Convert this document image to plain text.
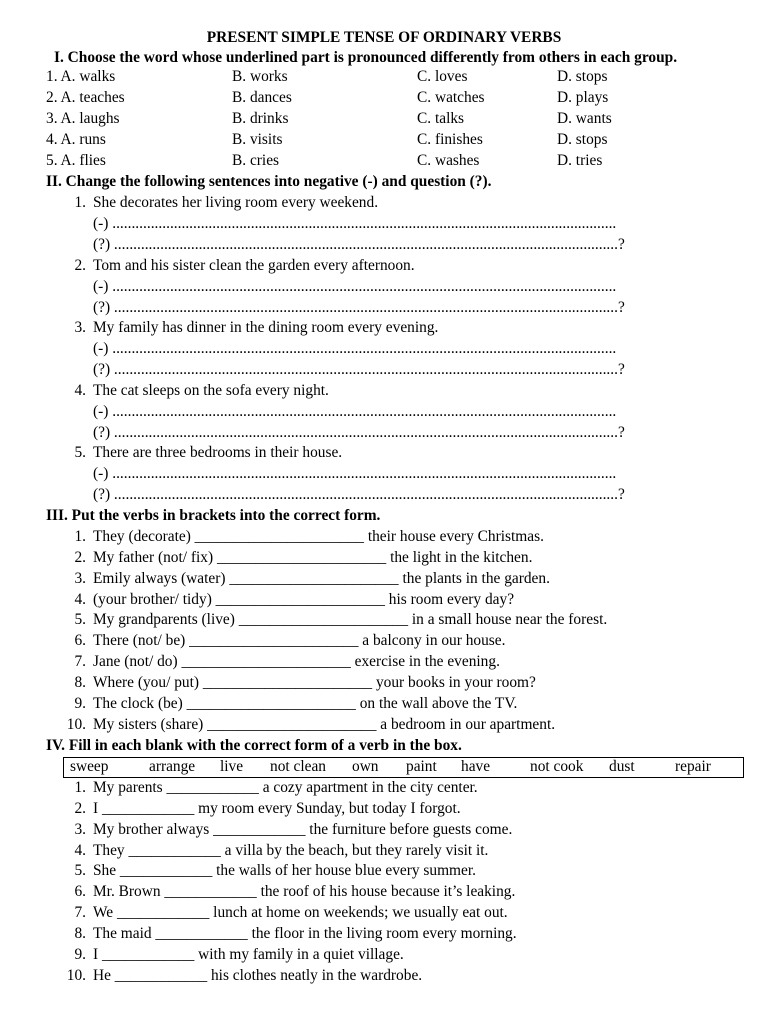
PRESENT SIMPLE TENSE OF ORDINARY VERBS
I. Choose the word whose underlined part is pronounced differently from others in each group.
1. A. walks	B. works	C. loves	D. stops
2. A. teaches	B. dances	C. watches	D. plays
3. A. laughs	B. drinks	C. talks	D. wants
4. A. runs	B. visits	C. finishes	D. stops
5. A. flies	B. cries	C. washes	D. tries
II. Change the following sentences into negative (-) and question (?).
1. She decorates her living room every weekend.
(-) ...................................................................................................................................
(?) ...................................................................................................................................?
2. Tom and his sister clean the garden every afternoon.
(-) ...................................................................................................................................
(?) ...................................................................................................................................?
3. My family has dinner in the dining room every evening.
(-) ...................................................................................................................................
(?) ...................................................................................................................................?
4. The cat sleeps on the sofa every night.
(-) ...................................................................................................................................
(?) ...................................................................................................................................?
5. There are three bedrooms in their house.
(-) ...................................................................................................................................
(?) ...................................................................................................................................?
III. Put the verbs in brackets into the correct form.
1. They (decorate) ______________________ their house every Christmas.
2. My father (not/ fix) ______________________ the light in the kitchen.
3. Emily always (water) ______________________ the plants in the garden.
4. (your brother/ tidy) ______________________ his room every day?
5. My grandparents (live) ______________________ in a small house near the forest.
6. There (not/ be) ______________________ a balcony in our house.
7. Jane (not/ do) ______________________ exercise in the evening.
8. Where (you/ put) ______________________ your books in your room?
9. The clock (be) ______________________ on the wall above the TV.
10. My sisters (share) ______________________ a bedroom in our apartment.
IV. Fill in each blank with the correct form of a verb in the box.
sweep	arrange live not clean own paint have	not cook dust	repair
1. My parents ____________ a cozy apartment in the city center.
2. I ____________ my room every Sunday, but today I forgot.
3. My brother always ____________ the furniture before guests come.
4. They ____________ a villa by the beach, but they rarely visit it.
5. She ____________ the walls of her house blue every summer.
6. Mr. Brown ____________ the roof of his house because it’s leaking.
7. We ____________ lunch at home on weekends; we usually eat out.
8. The maid ____________ the floor in the living room every morning.
9. I ____________ with my family in a quiet village.
10. He ____________ his clothes neatly in the wardrobe.
